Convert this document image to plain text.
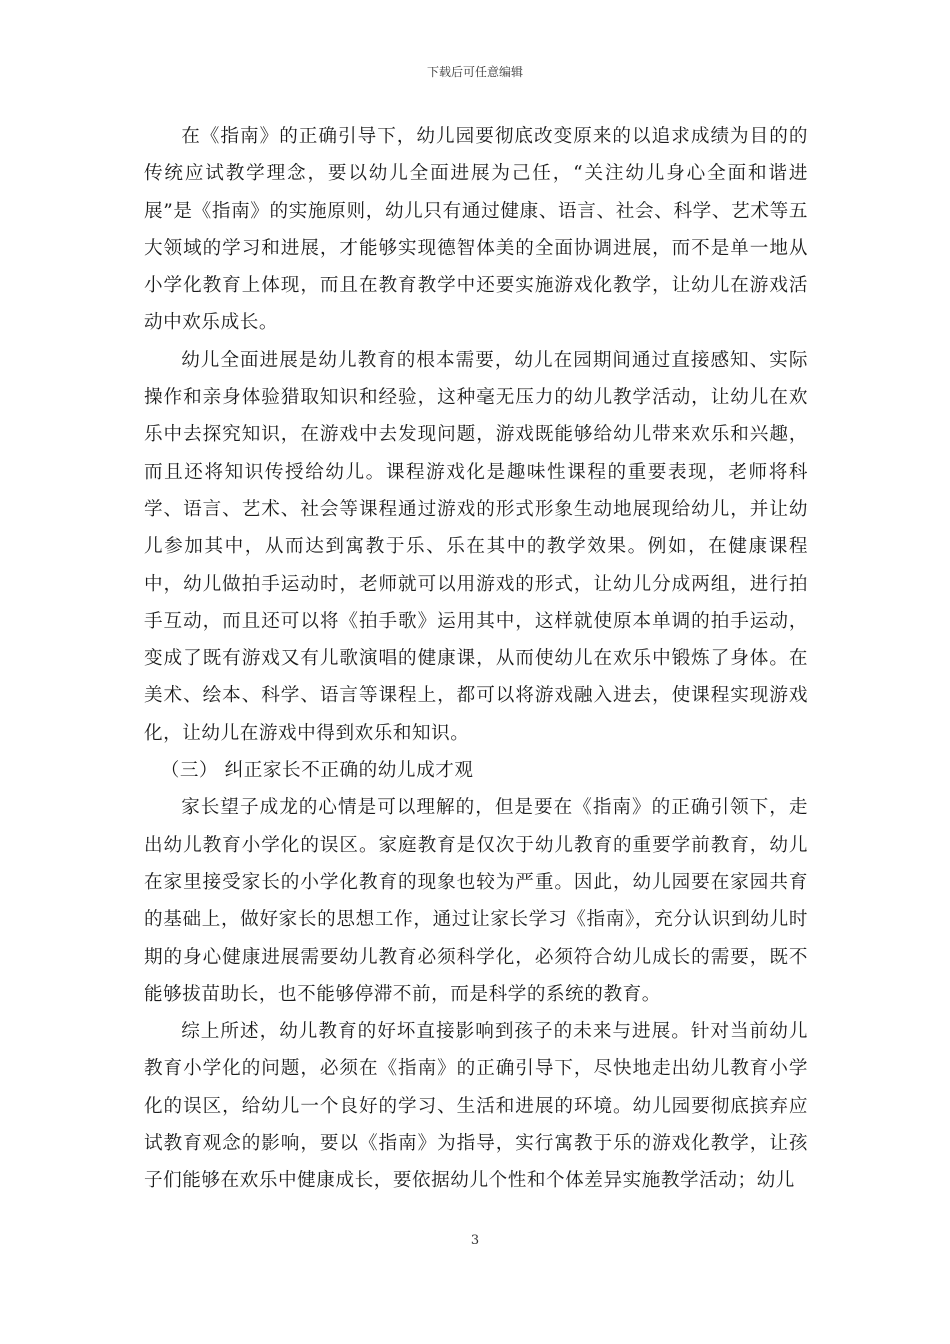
下载后可任意编辑

在《指南》的正确引导下，幼儿园要彻底改变原来的以追求成绩为目的的传统应试教学理念，要以幼儿全面进展为己任，“关注幼儿身心全面和谐进展”是《指南》的实施原则，幼儿只有通过健康、语言、社会、科学、艺术等五大领域的学习和进展，才能够实现德智体美的全面协调进展，而不是单一地从小学化教育上体现，而且在教育教学中还要实施游戏化教学，让幼儿在游戏活动中欢乐成长。

幼儿全面进展是幼儿教育的根本需要，幼儿在园期间通过直接感知、实际操作和亲身体验猎取知识和经验，这种毫无压力的幼儿教学活动，让幼儿在欢乐中去探究知识，在游戏中去发现问题，游戏既能够给幼儿带来欢乐和兴趣，而且还将知识传授给幼儿。课程游戏化是趣味性课程的重要表现，老师将科学、语言、艺术、社会等课程通过游戏的形式形象生动地展现给幼儿，并让幼儿参加其中，从而达到寓教于乐、乐在其中的教学效果。例如，在健康课程中，幼儿做拍手运动时，老师就可以用游戏的形式，让幼儿分成两组，进行拍手互动，而且还可以将《拍手歌》运用其中，这样就使原本单调的拍手运动，变成了既有游戏又有儿歌演唱的健康课，从而使幼儿在欢乐中锻炼了身体。在美术、绘本、科学、语言等课程上，都可以将游戏融入进去，使课程实现游戏化，让幼儿在游戏中得到欢乐和知识。

（三） 纠正家长不正确的幼儿成才观

家长望子成龙的心情是可以理解的，但是要在《指南》的正确引领下，走出幼儿教育小学化的误区。家庭教育是仅次于幼儿教育的重要学前教育，幼儿在家里接受家长的小学化教育的现象也较为严重。因此，幼儿园要在家园共育的基础上，做好家长的思想工作，通过让家长学习《指南》，充分认识到幼儿时期的身心健康进展需要幼儿教育必须科学化，必须符合幼儿成长的需要，既不能够拔苗助长，也不能够停滞不前，而是科学的系统的教育。

综上所述，幼儿教育的好坏直接影响到孩子的未来与进展。针对当前幼儿教育小学化的问题，必须在《指南》的正确引导下，尽快地走出幼儿教育小学化的误区，给幼儿一个良好的学习、生活和进展的环境。幼儿园要彻底摈弃应试教育观念的影响，要以《指南》为指导，实行寓教于乐的游戏化教学，让孩子们能够在欢乐中健康成长，要依据幼儿个性和个体差异实施教学活动；幼儿

3
